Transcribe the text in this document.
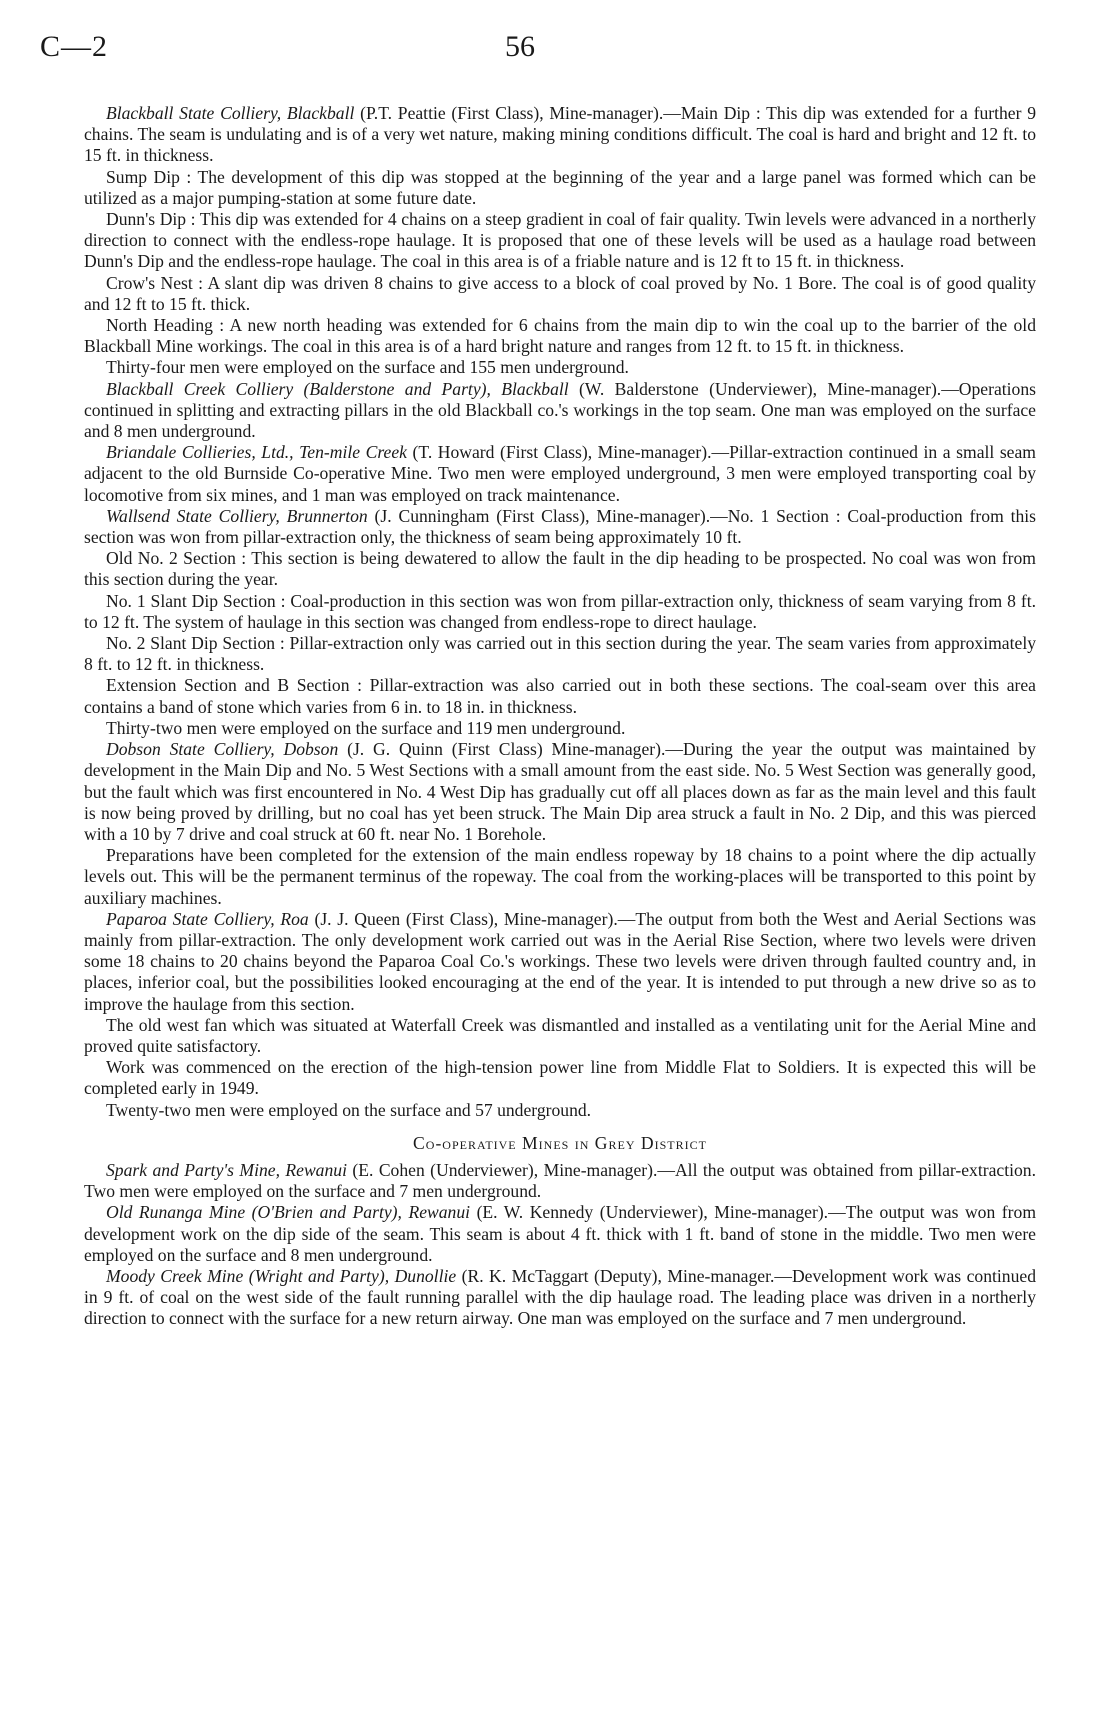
C—2	56

Blackball State Colliery, Blackball (P.T. Peattie (First Class), Mine-manager).—Main Dip : This dip was extended for a further 9 chains. The seam is undulating and is of a very wet nature, making mining conditions difficult. The coal is hard and bright and 12 ft. to 15 ft. in thickness.

Sump Dip : The development of this dip was stopped at the beginning of the year and a large panel was formed which can be utilized as a major pumping-station at some future date.

Dunn's Dip : This dip was extended for 4 chains on a steep gradient in coal of fair quality. Twin levels were advanced in a northerly direction to connect with the endless-rope haulage. It is proposed that one of these levels will be used as a haulage road between Dunn's Dip and the endless-rope haulage. The coal in this area is of a friable nature and is 12 ft to 15 ft. in thickness.

Crow's Nest : A slant dip was driven 8 chains to give access to a block of coal proved by No. 1 Bore. The coal is of good quality and 12 ft to 15 ft. thick.

North Heading : A new north heading was extended for 6 chains from the main dip to win the coal up to the barrier of the old Blackball Mine workings. The coal in this area is of a hard bright nature and ranges from 12 ft. to 15 ft. in thickness.

Thirty-four men were employed on the surface and 155 men underground.

Blackball Creek Colliery (Balderstone and Party), Blackball (W. Balderstone (Underviewer), Mine-manager).—Operations continued in splitting and extracting pillars in the old Blackball co.'s workings in the top seam. One man was employed on the surface and 8 men underground.

Briandale Collieries, Ltd., Ten-mile Creek (T. Howard (First Class), Mine-manager).—Pillar-extraction continued in a small seam adjacent to the old Burnside Co-operative Mine. Two men were employed underground, 3 men were employed transporting coal by locomotive from six mines, and 1 man was employed on track maintenance.

Wallsend State Colliery, Brunnerton (J. Cunningham (First Class), Mine-manager).—No. 1 Section : Coal-production from this section was won from pillar-extraction only, the thickness of seam being approximately 10 ft.

Old No. 2 Section : This section is being dewatered to allow the fault in the dip heading to be prospected. No coal was won from this section during the year.

No. 1 Slant Dip Section : Coal-production in this section was won from pillar-extraction only, thickness of seam varying from 8 ft. to 12 ft. The system of haulage in this section was changed from endless-rope to direct haulage.

No. 2 Slant Dip Section : Pillar-extraction only was carried out in this section during the year. The seam varies from approximately 8 ft. to 12 ft. in thickness.

Extension Section and B Section : Pillar-extraction was also carried out in both these sections. The coal-seam over this area contains a band of stone which varies from 6 in. to 18 in. in thickness.

Thirty-two men were employed on the surface and 119 men underground.

Dobson State Colliery, Dobson (J. G. Quinn (First Class) Mine-manager).—During the year the output was maintained by development in the Main Dip and No. 5 West Sections with a small amount from the east side. No. 5 West Section was generally good, but the fault which was first encountered in No. 4 West Dip has gradually cut off all places down as far as the main level and this fault is now being proved by drilling, but no coal has yet been struck. The Main Dip area struck a fault in No. 2 Dip, and this was pierced with a 10 by 7 drive and coal struck at 60 ft. near No. 1 Borehole.

Preparations have been completed for the extension of the main endless ropeway by 18 chains to a point where the dip actually levels out. This will be the permanent terminus of the ropeway. The coal from the working-places will be transported to this point by auxiliary machines.

Paparoa State Colliery, Roa (J. J. Queen (First Class), Mine-manager).—The output from both the West and Aerial Sections was mainly from pillar-extraction. The only development work carried out was in the Aerial Rise Section, where two levels were driven some 18 chains to 20 chains beyond the Paparoa Coal Co.'s workings. These two levels were driven through faulted country and, in places, inferior coal, but the possibilities looked encouraging at the end of the year. It is intended to put through a new drive so as to improve the haulage from this section.

The old west fan which was situated at Waterfall Creek was dismantled and installed as a ventilating unit for the Aerial Mine and proved quite satisfactory.

Work was commenced on the erection of the high-tension power line from Middle Flat to Soldiers. It is expected this will be completed early in 1949.

Twenty-two men were employed on the surface and 57 underground.

Co-operative Mines in Grey District

Spark and Party's Mine, Rewanui (E. Cohen (Underviewer), Mine-manager).—All the output was obtained from pillar-extraction. Two men were employed on the surface and 7 men underground.

Old Runanga Mine (O'Brien and Party), Rewanui (E. W. Kennedy (Underviewer), Mine-manager).—The output was won from development work on the dip side of the seam. This seam is about 4 ft. thick with 1 ft. band of stone in the middle. Two men were employed on the surface and 8 men underground.

Moody Creek Mine (Wright and Party), Dunollie (R. K. McTaggart (Deputy), Mine-manager.—Development work was continued in 9 ft. of coal on the west side of the fault running parallel with the dip haulage road. The leading place was driven in a northerly direction to connect with the surface for a new return airway. One man was employed on the surface and 7 men underground.
